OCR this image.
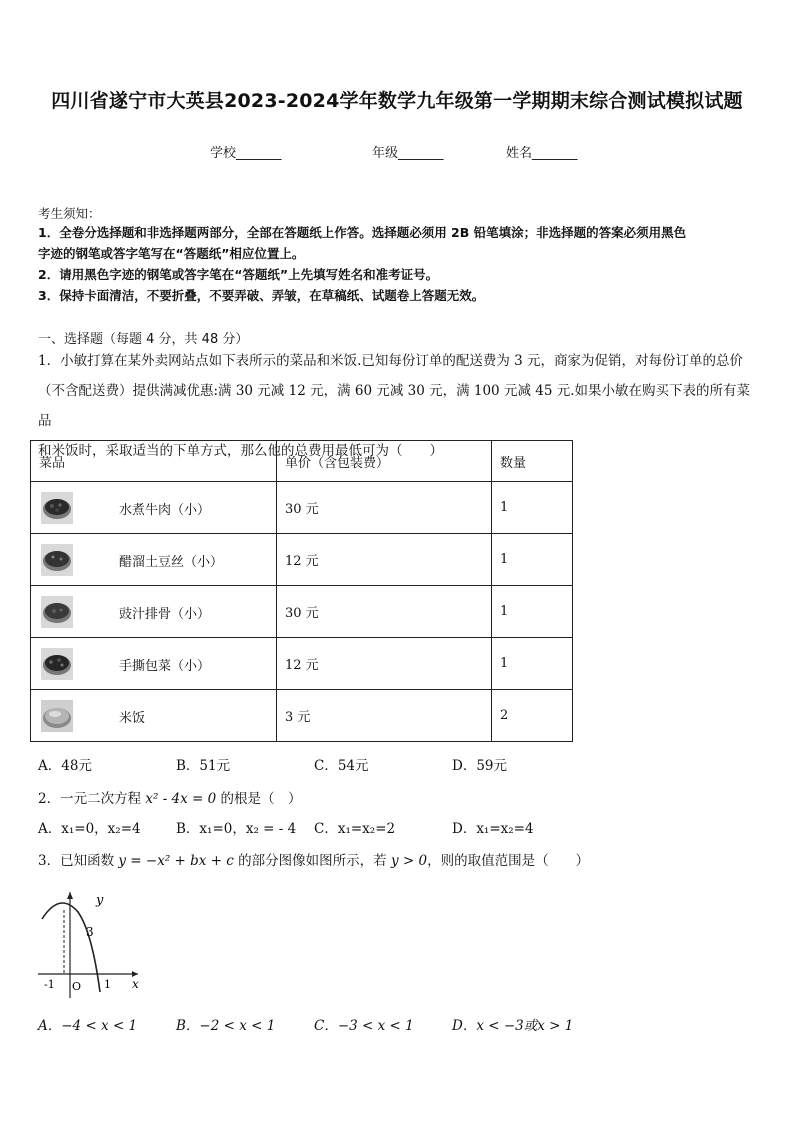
四川省遂宁市大英县2023-2024学年数学九年级第一学期期末综合测试模拟试题
学校_______	年级_______	姓名_______
考生须知：
1．全卷分选择题和非选择题两部分，全部在答题纸上作答。选择题必须用 2B 铅笔填涂；非选择题的答案必须用黑色
字迹的钢笔或答字笔写在“答题纸”相应位置上。
2．请用黑色字迹的钢笔或答字笔在“答题纸”上先填写姓名和准考证号。
3．保持卡面清洁，不要折叠，不要弄破、弄皱，在草稿纸、试题卷上答题无效。
一、选择题（每题 4 分，共 48 分）
1．小敏打算在某外卖网站点如下表所示的菜品和米饭.已知每份订单的配送费为 3 元，商家为促销，对每份订单的总价
（不含配送费）提供满减优惠:满 30 元减 12 元，满 60 元减 30 元，满 100 元减 45 元.如果小敏在购买下表的所有菜品
和米饭时，采取适当的下单方式，那么他的总费用最低可为（　　）
菜品	单价（含包装费）	数量

水煮牛肉（小）	30 元	1

醋溜土豆丝（小）	12 元	1

豉汁排骨（小）	30 元	1

手撕包菜（小）	12 元	1

米饭	3 元	2
A．48元	B．51元	C．54元	D．59元
2．一元二次方程 x² - 4x = 0 的根是（　）
A．x₁=0，x₂=4	B．x₁=0，x₂ = - 4 C．x₁=x₂=2	D．x₁=x₂=4
3．已知函数 y = −x² + bx + c 的部分图像如图所示，若 y > 0，则的取值范围是（　　）
y
x
3
-1 O 1
A．−4 < x < 1	B．−2 < x < 1	C．−3 < x < 1	D．x < −3或x > 1
